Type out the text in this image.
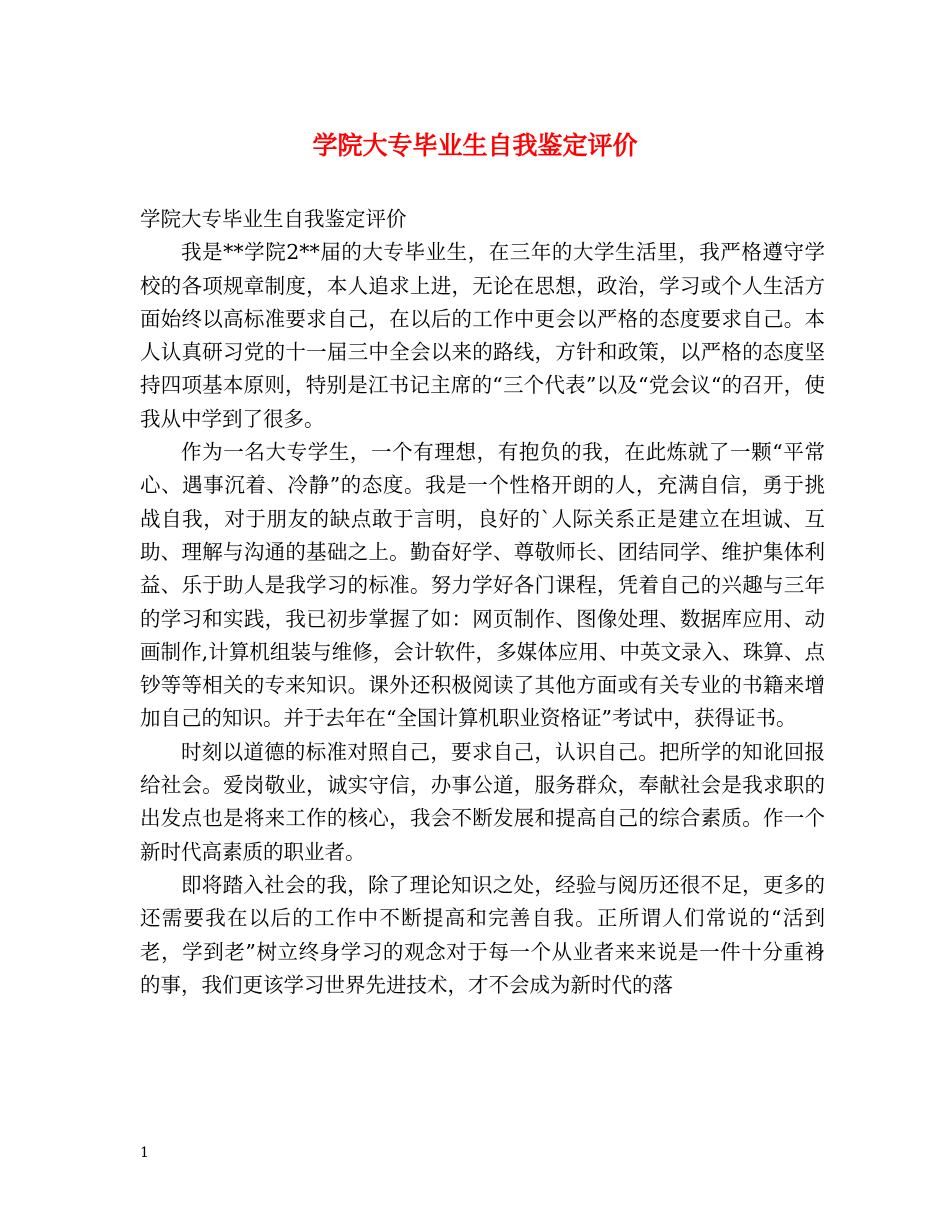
学院大专毕业生自我鉴定评价

学院大专毕业生自我鉴定评价

我是**学院2**届的大专毕业生，在三年的大学生活里，我严格遵守学校的各项规章制度，本人追求上进，无论在思想，政治，学习或个人生活方面始终以高标准要求自己，在以后的工作中更会以严格的态度要求自己。本人认真研习党的十一届三中全会以来的路线，方针和政策，以严格的态度坚持四项基本原则，特别是江书记主席的“三个代表”以及“党会议“的召开，使我从中学到了很多。

作为一名大专学生，一个有理想，有抱负的我，在此炼就了一颗“平常心、遇事沉着、冷静”的态度。我是一个性格开朗的人，充满自信，勇于挑战自我，对于朋友的缺点敢于言明，良好的`人际关系正是建立在坦诚、互助、理解与沟通的基础之上。勤奋好学、尊敬师长、团结同学、维护集体利益、乐于助人是我学习的标准。努力学好各门课程，凭着自己的兴趣与三年的学习和实践，我已初步掌握了如：网页制作、图像处理、数据库应用、动画制作,计算机组装与维修，会计软件，多媒体应用、中英文录入、珠算、点钞等等相关的专来知识。课外还积极阅读了其他方面或有关专业的书籍来增加自己的知识。并于去年在“全国计算机职业资格证”考试中，获得证书。

时刻以道德的标准对照自己，要求自己，认识自己。把所学的知讹回报给社会。爱岗敬业，诚实守信，办事公道，服务群众，奉献社会是我求职的出发点也是将来工作的核心，我会不断发展和提高自己的综合素质。作一个新时代高素质的职业者。

即将踏入社会的我，除了理论知识之处，经验与阅历还很不足，更多的还需要我在以后的工作中不断提高和完善自我。正所谓人们常说的“活到老，学到老”树立终身学习的观念对于每一个从业者来来说是一件十分重裑的事，我们更该学习世界先进技术，才不会成为新时代的落

1
